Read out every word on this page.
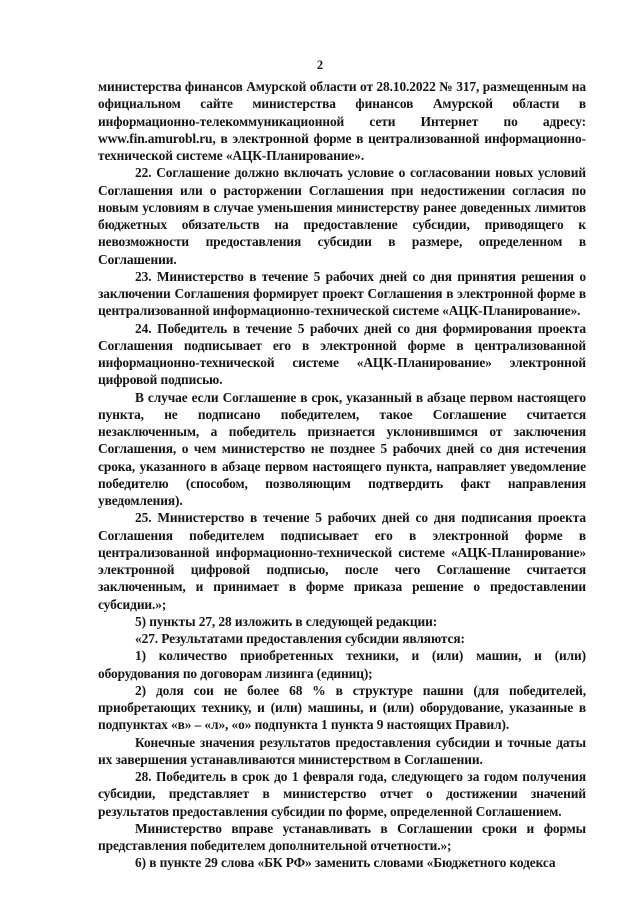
2

министерства финансов Амурской области от 28.10.2022 № 317, размещенным на официальном сайте министерства финансов Амурской области в информационно-телекоммуникационной сети Интернет по адресу: www.fin.amurobl.ru, в электронной форме в централизованной информационно-технической системе «АЦК-Планирование».

22. Соглашение должно включать условие о согласовании новых условий Соглашения или о расторжении Соглашения при недостижении согласия по новым условиям в случае уменьшения министерству ранее доведенных лимитов бюджетных обязательств на предоставление субсидии, приводящего к невозможности предоставления субсидии в размере, определенном в Соглашении.

23. Министерство в течение 5 рабочих дней со дня принятия решения о заключении Соглашения формирует проект Соглашения в электронной форме в централизованной информационно-технической системе «АЦК-Планирование».

24. Победитель в течение 5 рабочих дней со дня формирования проекта Соглашения подписывает его в электронной форме в централизованной информационно-технической системе «АЦК-Планирование» электронной цифровой подписью.

В случае если Соглашение в срок, указанный в абзаце первом настоящего пункта, не подписано победителем, такое Соглашение считается незаключенным, а победитель признается уклонившимся от заключения Соглашения, о чем министерство не позднее 5 рабочих дней со дня истечения срока, указанного в абзаце первом настоящего пункта, направляет уведомление победителю (способом, позволяющим подтвердить факт направления уведомления).

25. Министерство в течение 5 рабочих дней со дня подписания проекта Соглашения победителем подписывает его в электронной форме в централизованной информационно-технической системе «АЦК-Планирование» электронной цифровой подписью, после чего Соглашение считается заключенным, и принимает в форме приказа решение о предоставлении субсидии.»;

5) пункты 27, 28 изложить в следующей редакции:

«27. Результатами предоставления субсидии являются:

1) количество приобретенных техники, и (или) машин, и (или) оборудования по договорам лизинга (единиц);

2) доля сои не более 68 % в структуре пашни (для победителей, приобретающих технику, и (или) машины, и (или) оборудование, указанные в подпунктах «в» – «л», «о» подпункта 1 пункта 9 настоящих Правил).

Конечные значения результатов предоставления субсидии и точные даты их завершения устанавливаются министерством в Соглашении.

28. Победитель в срок до 1 февраля года, следующего за годом получения субсидии, представляет в министерство отчет о достижении значений результатов предоставления субсидии по форме, определенной Соглашением.

Министерство вправе устанавливать в Соглашении сроки и формы представления победителем дополнительной отчетности.»;

6) в пункте 29 слова «БК РФ» заменить словами «Бюджетного кодекса
